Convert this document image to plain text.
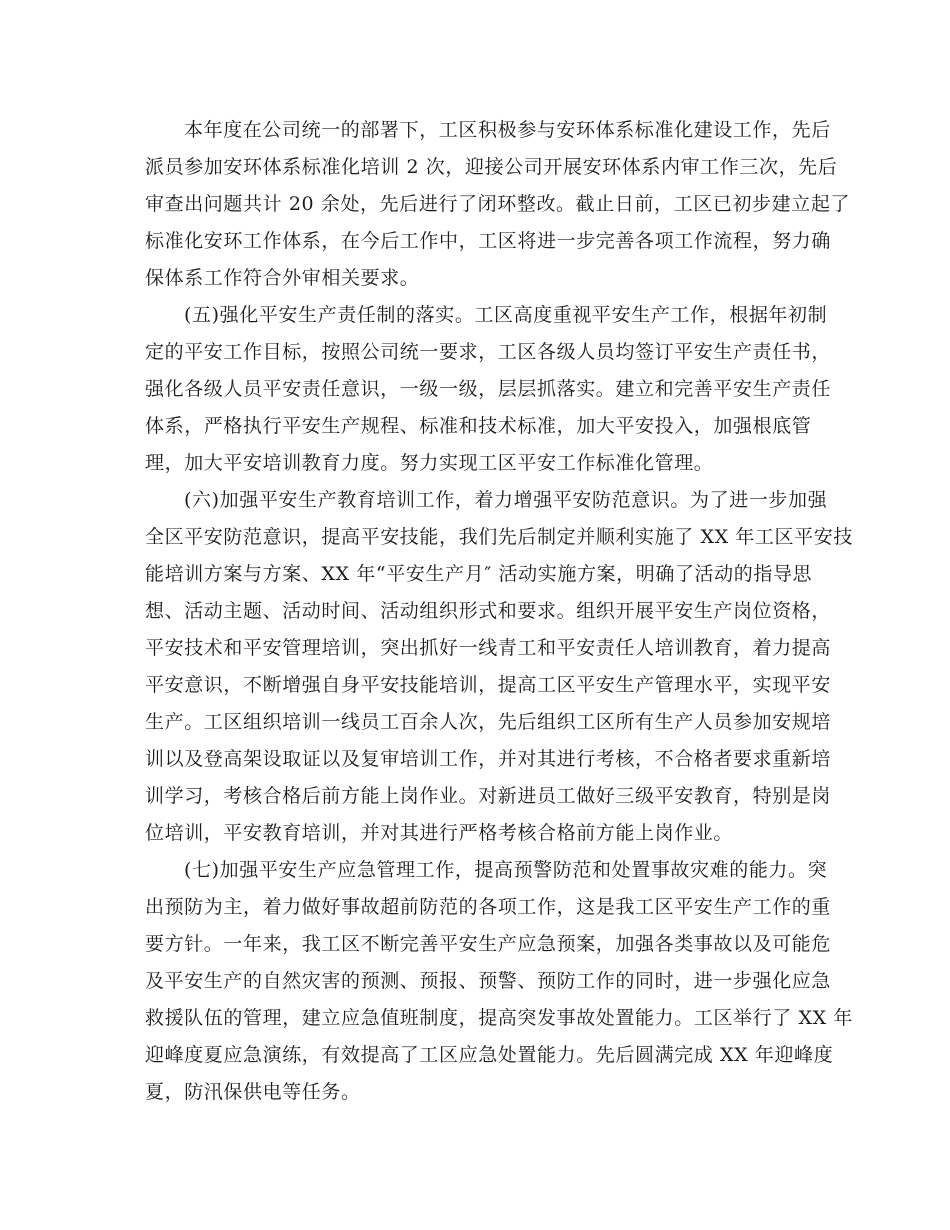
本年度在公司统一的部署下，工区积极参与安环体系标准化建设工作，先后
派员参加安环体系标准化培训 2 次，迎接公司开展安环体系内审工作三次，先后
审查出问题共计 20 余处，先后进行了闭环整改。截止日前，工区已初步建立起了
标准化安环工作体系，在今后工作中，工区将进一步完善各项工作流程，努力确
保体系工作符合外审相关要求。
(五)强化平安生产责任制的落实。工区高度重视平安生产工作，根据年初制
定的平安工作目标，按照公司统一要求，工区各级人员均签订平安生产责任书，
强化各级人员平安责任意识，一级一级，层层抓落实。建立和完善平安生产责任
体系，严格执行平安生产规程、标准和技术标准，加大平安投入，加强根底管
理，加大平安培训教育力度。努力实现工区平安工作标准化管理。
(六)加强平安生产教育培训工作，着力增强平安防范意识。为了进一步加强
全区平安防范意识，提高平安技能，我们先后制定并顺利实施了 XX 年工区平安技
能培训方案与方案、XX 年“平安生产月″ 活动实施方案，明确了活动的指导思
想、活动主题、活动时间、活动组织形式和要求。组织开展平安生产岗位资格，
平安技术和平安管理培训，突出抓好一线青工和平安责任人培训教育，着力提高
平安意识，不断增强自身平安技能培训，提高工区平安生产管理水平，实现平安
生产。工区组织培训一线员工百余人次，先后组织工区所有生产人员参加安规培
训以及登高架设取证以及复审培训工作，并对其进行考核，不合格者要求重新培
训学习，考核合格后前方能上岗作业。对新进员工做好三级平安教育，特别是岗
位培训，平安教育培训，并对其进行严格考核合格前方能上岗作业。
(七)加强平安生产应急管理工作，提高预警防范和处置事故灾难的能力。突
出预防为主，着力做好事故超前防范的各项工作，这是我工区平安生产工作的重
要方针。一年来，我工区不断完善平安生产应急预案，加强各类事故以及可能危
及平安生产的自然灾害的预测、预报、预警、预防工作的同时，进一步强化应急
救援队伍的管理，建立应急值班制度，提高突发事故处置能力。工区举行了 XX 年
迎峰度夏应急演练，有效提高了工区应急处置能力。先后圆满完成 XX 年迎峰度
夏，防汛保供电等任务。
